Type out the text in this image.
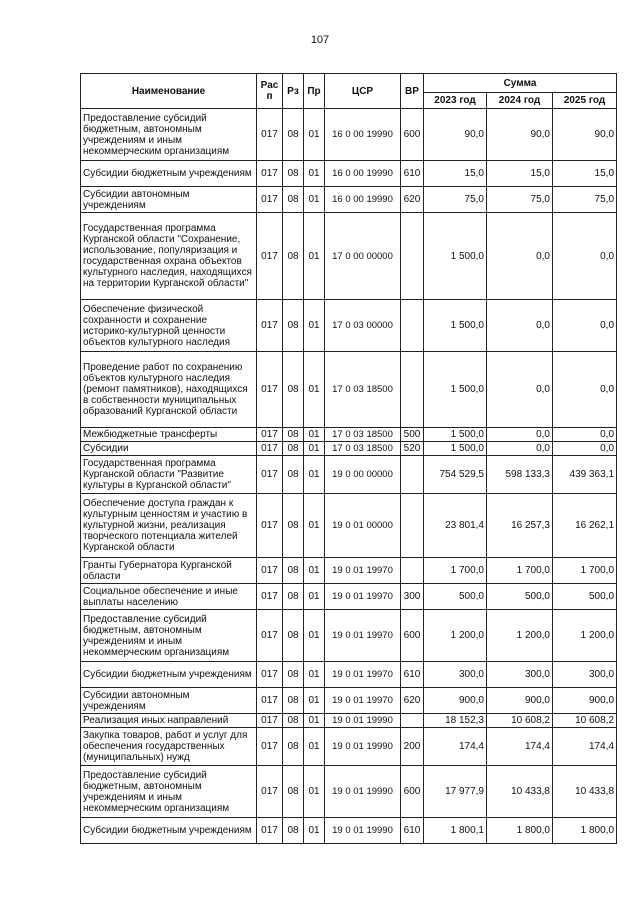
107
Наименование	Рас п	Рз	Пр	ЦСР	ВР	Сумма		
						2023 год	2024 год	2025 год
Предоставление субсидий бюджетным, автономным учреждениям и иным некоммерческим организациям	017	08	01	16 0 00 19990	600	90,0	90,0	90,0
Субсидии бюджетным учреждениям	017	08	01	16 0 00 19990	610	15,0	15,0	15,0
Субсидии автономным учреждениям	017	08	01	16 0 00 19990	620	75,0	75,0	75,0
Государственная программа Курганской области "Сохранение, использование, популяризация и государственная охрана объектов культурного наследия, находящихся на территории Курганской области"	017	08	01	17 0 00 00000		1 500,0	0,0	0,0
Обеспечение физической сохранности и сохранение историко-культурной ценности объектов культурного наследия	017	08	01	17 0 03 00000		1 500,0	0,0	0,0
Проведение работ по сохранению объектов культурного наследия (ремонт памятников), находящихся в собственности муниципальных образований Курганской области	017	08	01	17 0 03 18500		1 500,0	0,0	0,0
Межбюджетные трансферты	017	08	01	17 0 03 18500	500	1 500,0	0,0	0,0
Субсидии	017	08	01	17 0 03 18500	520	1 500,0	0,0	0,0
Государственная программа Курганской области "Развитие культуры в Курганской области"	017	08	01	19 0 00 00000		754 529,5	598 133,3	439 363,1
Обеспечение доступа граждан к культурным ценностям и участию в культурной жизни, реализация творческого потенциала жителей Курганской области	017	08	01	19 0 01 00000		23 801,4	16 257,3	16 262,1
Гранты Губернатора Курганской области	017	08	01	19 0 01 19970		1 700,0	1 700,0	1 700,0
Социальное обеспечение и иные выплаты населению	017	08	01	19 0 01 19970	300	500,0	500,0	500,0
Предоставление субсидий бюджетным, автономным учреждениям и иным некоммерческим организациям	017	08	01	19 0 01 19970	600	1 200,0	1 200,0	1 200,0
Субсидии бюджетным учреждениям	017	08	01	19 0 01 19970	610	300,0	300,0	300,0
Субсидии автономным учреждениям	017	08	01	19 0 01 19970	620	900,0	900,0	900,0
Реализация иных направлений	017	08	01	19 0 01 19990		18 152,3	10 608,2	10 608,2
Закупка товаров, работ и услуг для обеспечения государственных (муниципальных) нужд	017	08	01	19 0 01 19990	200	174,4	174,4	174,4
Предоставление субсидий бюджетным, автономным учреждениям и иным некоммерческим организациям	017	08	01	19 0 01 19990	600	17 977,9	10 433,8	10 433,8
Субсидии бюджетным учреждениям	017	08	01	19 0 01 19990	610	1 800,1	1 800,0	1 800,0
